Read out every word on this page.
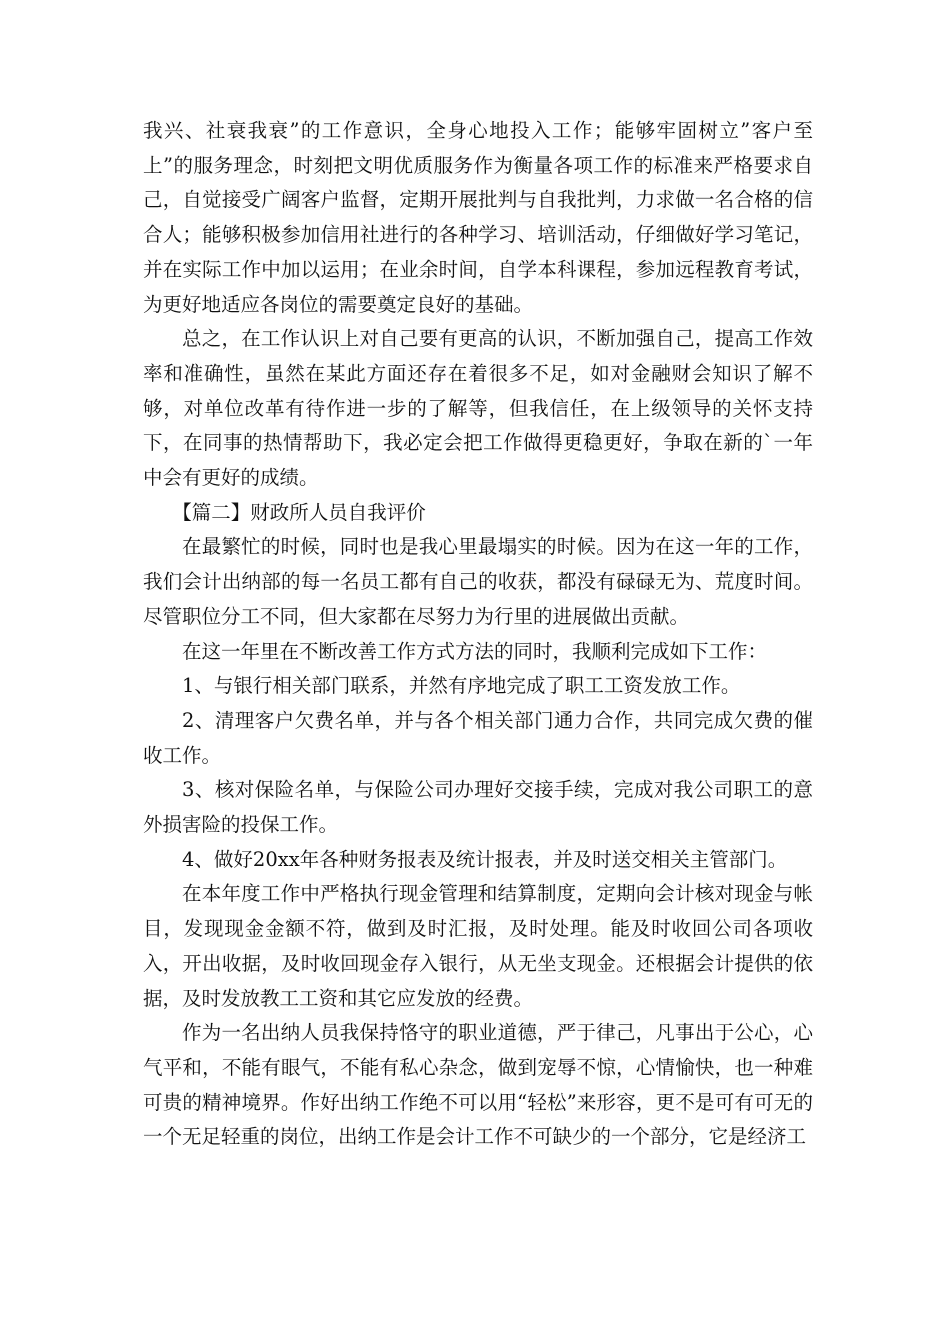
我兴、社衰我衰”的工作意识，全身心地投入工作；能够牢固树立”客户至上”的服务理念，时刻把文明优质服务作为衡量各项工作的标准来严格要求自己，自觉接受广阔客户监督，定期开展批判与自我批判，力求做一名合格的信合人；能够积极参加信用社进行的各种学习、培训活动，仔细做好学习笔记，并在实际工作中加以运用；在业余时间，自学本科课程，参加远程教育考试，为更好地适应各岗位的需要奠定良好的基础。

总之，在工作认识上对自己要有更高的认识，不断加强自己，提高工作效率和准确性，虽然在某此方面还存在着很多不足，如对金融财会知识了解不够，对单位改革有待作进一步的了解等，但我信任，在上级领导的关怀支持下，在同事的热情帮助下，我必定会把工作做得更稳更好，争取在新的`一年中会有更好的成绩。

【篇二】财政所人员自我评价

在最繁忙的时候，同时也是我心里最塌实的时候。因为在这一年的工作，我们会计出纳部的每一名员工都有自己的收获，都没有碌碌无为、荒度时间。尽管职位分工不同，但大家都在尽努力为行里的进展做出贡献。

在这一年里在不断改善工作方式方法的同时，我顺利完成如下工作：

1、与银行相关部门联系，并然有序地完成了职工工资发放工作。

2、清理客户欠费名单，并与各个相关部门通力合作，共同完成欠费的催收工作。

3、核对保险名单，与保险公司办理好交接手续，完成对我公司职工的意外损害险的投保工作。

4、做好20xx年各种财务报表及统计报表，并及时送交相关主管部门。

在本年度工作中严格执行现金管理和结算制度，定期向会计核对现金与帐目，发现现金金额不符，做到及时汇报，及时处理。能及时收回公司各项收入，开出收据，及时收回现金存入银行，从无坐支现金。还根据会计提供的依据，及时发放教工工资和其它应发放的经费。

作为一名出纳人员我保持恪守的职业道德，严于律己，凡事出于公心，心气平和，不能有眼气，不能有私心杂念，做到宠辱不惊，心情愉快，也一种难可贵的精神境界。作好出纳工作绝不可以用“轻松”来形容，更不是可有可无的一个无足轻重的岗位，出纳工作是会计工作不可缺少的一个部分，它是经济工
